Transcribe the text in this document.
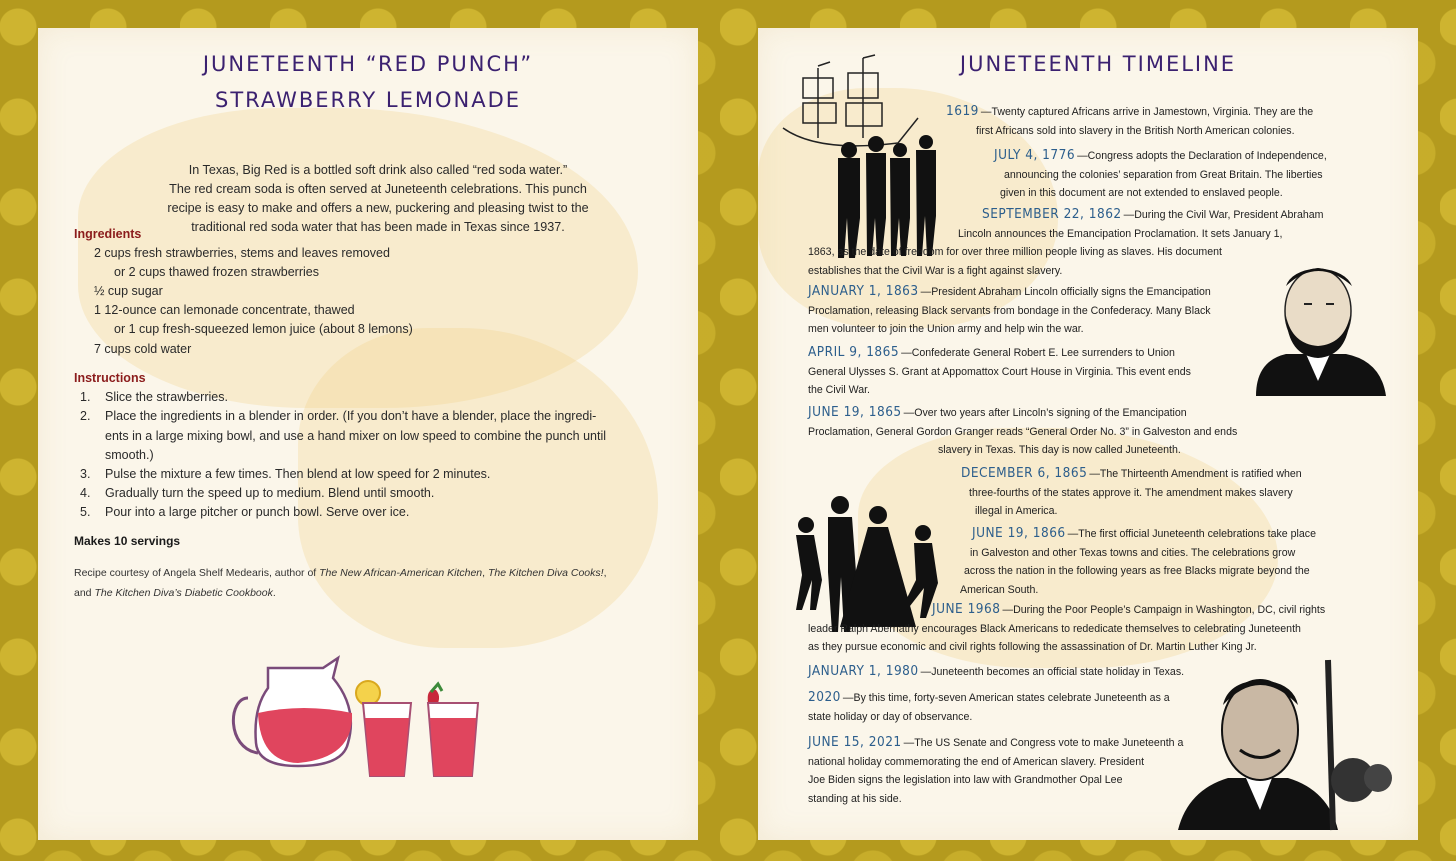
JUNETEENTH “RED PUNCH”
STRAWBERRY LEMONADE
In Texas, Big Red is a bottled soft drink also called “red soda water.”
The red cream soda is often served at Juneteenth celebrations. This punch
recipe is easy to make and offers a new, puckering and pleasing twist to the
traditional red soda water that has been made in Texas since 1937.
Ingredients
2 cups fresh strawberries, stems and leaves removed
or 2 cups thawed frozen strawberries
½ cup sugar
1 12-ounce can lemonade concentrate, thawed
or 1 cup fresh-squeezed lemon juice (about 8 lemons)
7 cups cold water
Instructions
1. Slice the strawberries.
2. Place the ingredients in a blender in order. (If you don’t have a blender, place the ingredi-
ents in a large mixing bowl, and use a hand mixer on low speed to combine the punch until smooth.)
3. Pulse the mixture a few times. Then blend at low speed for 2 minutes.
4. Gradually turn the speed up to medium. Blend until smooth.
5. Pour into a large pitcher or punch bowl. Serve over ice.
Makes 10 servings
Recipe courtesy of Angela Shelf Medearis, author of The New African-American Kitchen, The Kitchen Diva Cooks!,
and The Kitchen Diva’s Diabetic Cookbook.
JUNETEENTH TIMELINE
1619 —Twenty captured Africans arrive in Jamestown, Virginia. They are the
first Africans sold into slavery in the British North American colonies.
JULY 4, 1776 —Congress adopts the Declaration of Independence,
announcing the colonies’ separation from Great Britain. The liberties
given in this document are not extended to enslaved people.
SEPTEMBER 22, 1862 —During the Civil War, President Abraham
Lincoln announces the Emancipation Proclamation. It sets January 1,
1863, as the date of freedom for over three million people living as slaves. His document
establishes that the Civil War is a fight against slavery.
JANUARY 1, 1863 —President Abraham Lincoln officially signs the Emancipation
Proclamation, releasing Black servants from bondage in the Confederacy. Many Black
men volunteer to join the Union army and help win the war.
APRIL 9, 1865 —Confederate General Robert E. Lee surrenders to Union
General Ulysses S. Grant at Appomattox Court House in Virginia. This event ends
the Civil War.
JUNE 19, 1865 —Over two years after Lincoln’s signing of the Emancipation
Proclamation, General Gordon Granger reads “General Order No. 3” in Galveston and ends
slavery in Texas. This day is now called Juneteenth.
DECEMBER 6, 1865 —The Thirteenth Amendment is ratified when
three-fourths of the states approve it. The amendment makes slavery
illegal in America.
JUNE 19, 1866 —The first official Juneteenth celebrations take place
in Galveston and other Texas towns and cities. The celebrations grow
across the nation in the following years as free Blacks migrate beyond the
American South.
JUNE 1968 —During the Poor People’s Campaign in Washington, DC, civil rights
leader Ralph Abernathy encourages Black Americans to rededicate themselves to celebrating Juneteenth
as they pursue economic and civil rights following the assassination of Dr. Martin Luther King Jr.
JANUARY 1, 1980 —Juneteenth becomes an official state holiday in Texas.
2020 —By this time, forty-seven American states celebrate Juneteenth as a
state holiday or day of observance.
JUNE 15, 2021 —The US Senate and Congress vote to make Juneteenth a
national holiday commemorating the end of American slavery. President
Joe Biden signs the legislation into law with Grandmother Opal Lee
standing at his side.
